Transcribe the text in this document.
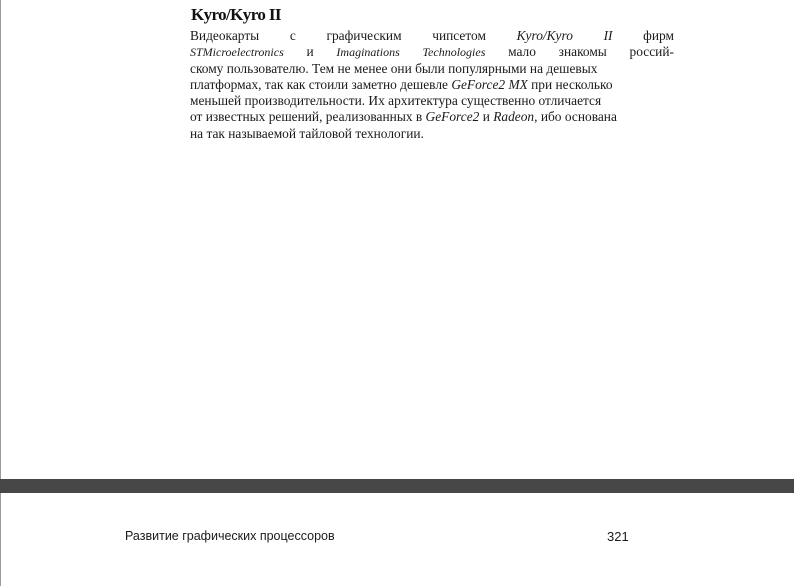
Kyro/Kyro II
Видеокарты с графическим чипсетом Kyro/Kyro II фирм
STMicroelectronics и Imaginations Technologies мало знакомы россий-
скому пользователю. Тем не менее они были популярными на дешевых
платформах, так как стоили заметно дешевле GeForce2 MX при несколько
меньшей производительности. Их архитектура существенно отличается
от известных решений, реализованных в GeForce2 и Radeon, ибо основана
на так называемой тайловой технологии.
Развитие графических процессоров	321
